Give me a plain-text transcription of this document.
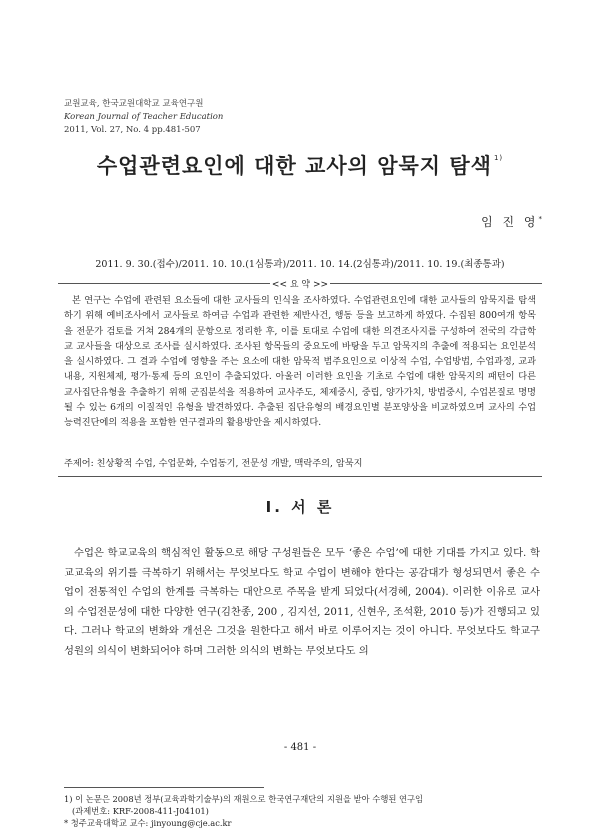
교원교육, 한국교원대학교 교육연구원
Korean Journal of Teacher Education
2011, Vol. 27, No. 4 pp.481-507
수업관련요인에 대한 교사의 암묵지 탐색 $^{1)}$
임 진 영*
2011. 9. 30.(접수)/2011. 10. 10.(1심통과)/2011. 10. 14.(2심통과)/2011. 10. 19.(최종통과)
<< 요 약 >>

본 연구는 수업에 관련된 요소들에 대한 교사들의 인식을 조사하였다. 수업관련요인에 대한 교사들의 암묵지를 탐색하기 위해 예비조사에서 교사들로 하여금 수업과 관련한 제반사건, 행동 등을 보고하게 하였다. 수집된 800여개 항목을 전문가 검토를 거쳐 284개의 문항으로 정리한 후, 이를 토대로 수업에 대한 의견조사지를 구성하여 전국의 각급학교 교사들을 대상으로 조사를 실시하였다. 조사된 항목들의 중요도에 바탕을 두고 암묵지의 추출에 적용되는 요인분석을 실시하였다. 그 결과 수업에 영향을 주는 요소에 대한 암묵적 범주요인으로 이상적 수업, 수업방법, 수업과정, 교과내용, 지원체제, 평가·통제 등의 요인이 추출되었다. 아울러 이러한 요인을 기초로 수업에 대한 암묵지의 패턴이 다른 교사집단유형을 추출하기 위해 군집분석을 적용하여 교사주도, 체제중시, 중립, 양가가치, 방법중시, 수업본질로 명명될 수 있는 6개의 이질적인 유형을 발견하였다. 추출된 집단유형의 배경요인별 분포양상을 비교하였으며 교사의 수업능력진단에의 적용을 포함한 연구결과의 활용방안을 제시하였다.

주제어: 친상황적 수업, 수업문화, 수업동기, 전문성 개발, 맥락주의, 암묵지
Ⅰ. 서 론

수업은 학교교육의 핵심적인 활동으로 해당 구성원들은 모두 ‘좋은 수업’에 대한 기대를 가지고 있다. 학교교육의 위기를 극복하기 위해서는 무엇보다도 학교 수업이 변해야 한다는 공감대가 형성되면서 좋은 수업이 전통적인 수업의 한계를 극복하는 대안으로 주목을 받게 되었다(서경혜, 2004). 이러한 이유로 교사의 수업전문성에 대한 다양한 연구(김찬종, 200 , 김지선, 2011, 신현우, 조석환, 2010 등)가 진행되고 있다. 그러나 학교의 변화와 개선은 그것을 원한다고 해서 바로 이루어지는 것이 아니다. 무엇보다도 학교구성원의 의식이 변화되어야 하며 그러한 의식의 변화는 무엇보다도 의

- 481 -
1) 이 논문은 2008년 정부(교육과학기술부)의 재원으로 한국연구재단의 지원을 받아 수행된 연구임
(과제번호: KRF-2008-411-J04101)
* 청주교육대학교 교수: jinyoung@cje.ac.kr
